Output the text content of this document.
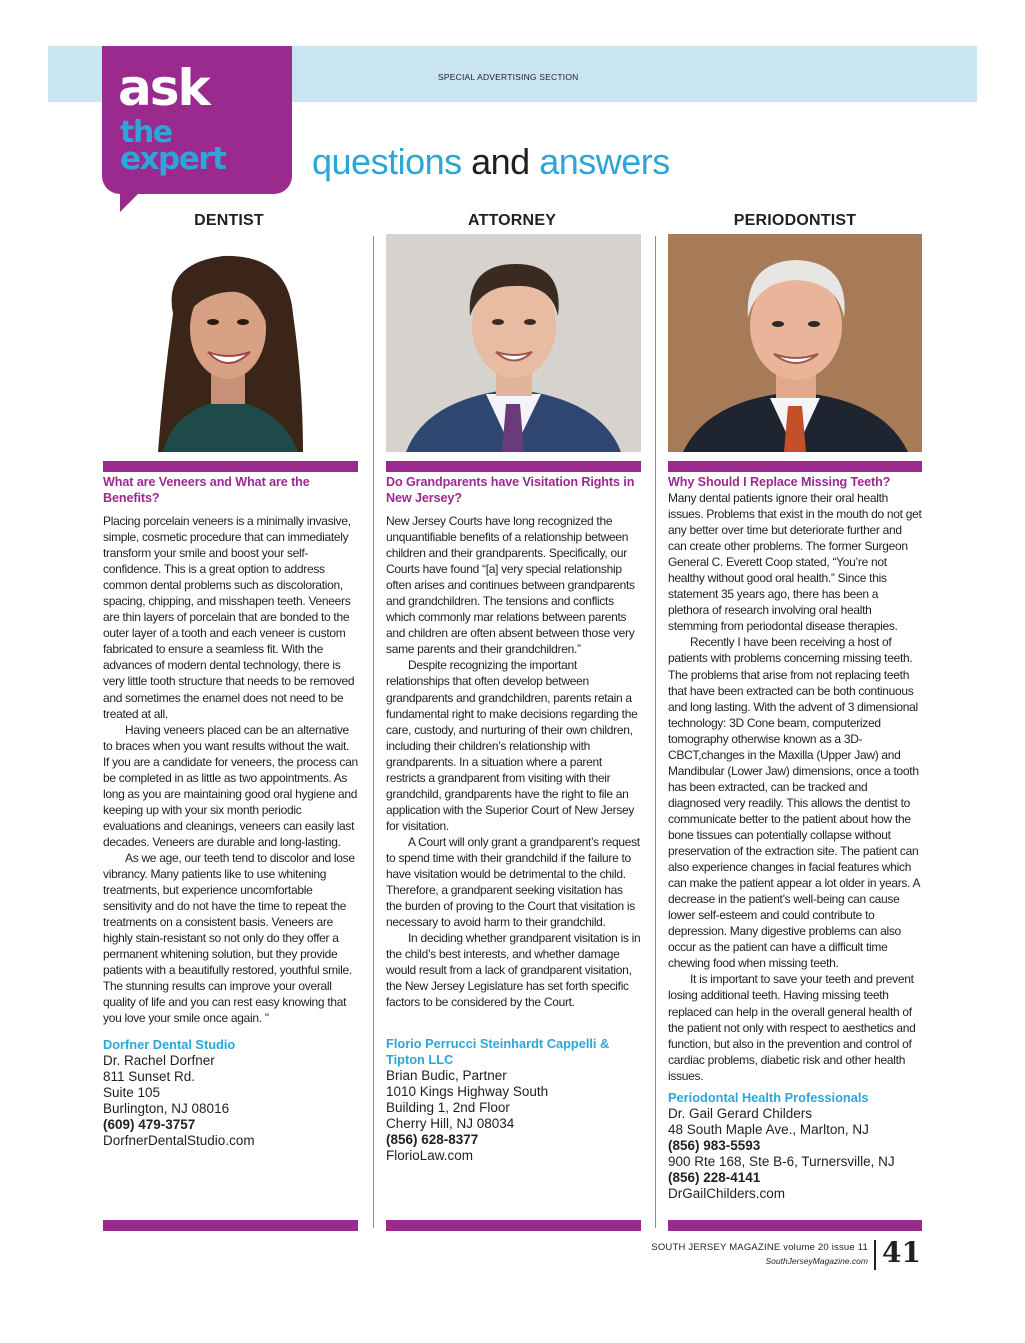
SPECIAL ADVERTISING SECTION
ask
the
expert questions and answers
DENTIST	ATTORNEY	PERIODONTIST
What are Veneers and What are the Benefits?

Placing porcelain veneers is a minimally invasive, simple, cosmetic procedure that can immediately transform your smile and boost your self-confidence. This is a great option to address common dental problems such as discoloration, spacing, chipping, and misshapen teeth. Veneers are thin layers of porcelain that are bonded to the outer layer of a tooth and each veneer is custom fabricated to ensure a seamless fit. With the advances of modern dental technology, there is very little tooth structure that needs to be removed and sometimes the enamel does not need to be treated at all.

Having veneers placed can be an alternative to braces when you want results without the wait. If you are a candidate for veneers, the process can be completed in as little as two appointments. As long as you are maintaining good oral hygiene and keeping up with your six month periodic evaluations and cleanings, veneers can easily last decades. Veneers are durable and long-lasting.

As we age, our teeth tend to discolor and lose vibrancy. Many patients like to use whitening treatments, but experience uncomfortable sensitivity and do not have the time to repeat the treatments on a consistent basis. Veneers are highly stain-resistant so not only do they offer a permanent whitening solution, but they provide patients with a beautifully restored, youthful smile. The stunning results can improve your overall quality of life and you can rest easy knowing that you love your smile once again. "

Dorfner Dental Studio
Dr. Rachel Dorfner
811 Sunset Rd.
Suite 105
Burlington, NJ 08016
(609) 479-3757
DorfnerDentalStudio.com
Do Grandparents have Visitation Rights in New Jersey?

New Jersey Courts have long recognized the unquantifiable benefits of a relationship between children and their grandparents. Specifically, our Courts have found “[a] very special relationship often arises and continues between grandparents and grandchildren. The tensions and conflicts which commonly mar relations between parents and children are often absent between those very same parents and their grandchildren.”

Despite recognizing the important relationships that often develop between grandparents and grandchildren, parents retain a fundamental right to make decisions regarding the care, custody, and nurturing of their own children, including their children’s relationship with grandparents. In a situation where a parent restricts a grandparent from visiting with their grandchild, grandparents have the right to file an application with the Superior Court of New Jersey for visitation.

A Court will only grant a grandparent’s request to spend time with their grandchild if the failure to have visitation would be detrimental to the child. Therefore, a grandparent seeking visitation has the burden of proving to the Court that visitation is necessary to avoid harm to their grandchild.

In deciding whether grandparent visitation is in the child’s best interests, and whether damage would result from a lack of grandparent visitation, the New Jersey Legislature has set forth specific factors to be considered by the Court.

Florio Perrucci Steinhardt Cappelli & Tipton LLC
Brian Budic, Partner
1010 Kings Highway South
Building 1, 2nd Floor
Cherry Hill, NJ 08034
(856) 628-8377
FlorioLaw.com
Why Should I Replace Missing Teeth?

Many dental patients ignore their oral health issues. Problems that exist in the mouth do not get any better over time but deteriorate further and can create other problems. The former Surgeon General C. Everett Coop stated, “You’re not healthy without good oral health.” Since this statement 35 years ago, there has been a plethora of research involving oral health stemming from periodontal disease therapies.

Recently I have been receiving a host of patients with problems concerning missing teeth. The problems that arise from not replacing teeth that have been extracted can be both continuous and long lasting. With the advent of 3 dimensional technology: 3D Cone beam, computerized tomography otherwise known as a 3D-CBCT,changes in the Maxilla (Upper Jaw) and Mandibular (Lower Jaw) dimensions, once a tooth has been extracted, can be tracked and diagnosed very readily. This allows the dentist to communicate better to the patient about how the bone tissues can potentially collapse without preservation of the extraction site. The patient can also experience changes in facial features which can make the patient appear a lot older in years. A decrease in the patient’s well-being can cause lower self-esteem and could contribute to depression. Many digestive problems can also occur as the patient can have a difficult time chewing food when missing teeth.

It is important to save your teeth and prevent losing additional teeth. Having missing teeth replaced can help in the overall general health of the patient not only with respect to aesthetics and function, but also in the prevention and control of cardiac problems, diabetic risk and other health issues.

Periodontal Health Professionals
Dr. Gail Gerard Childers
48 South Maple Ave., Marlton, NJ
(856) 983-5593
900 Rte 168, Ste B-6, Turnersville, NJ
(856) 228-4141
DrGailChilders.com
SOUTH JERSEY MAGAZINE volume 20 issue 11
SouthJerseyMagazine.com 41
